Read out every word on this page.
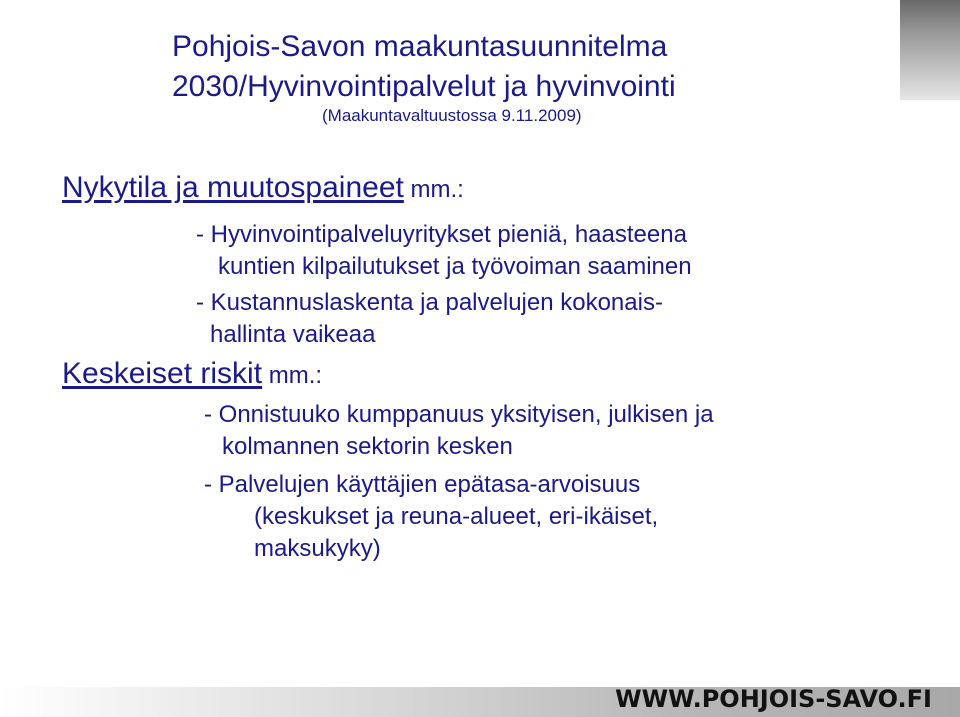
Pohjois-Savon maakuntasuunnitelma

2030/Hyvinvointipalvelut ja hyvinvointi

(Maakuntavaltuustossa 9.11.2009)
Nykytila ja muutospaineet mm.:

- Hyvinvointipalveluyritykset pieniä, haasteena

kuntien kilpailutukset ja työvoiman saaminen

- Kustannuslaskenta ja palvelujen kokonais-

hallinta vaikeaa

Keskeiset riskit mm.:

- Onnistuuko kumppanuus yksityisen, julkisen ja

kolmannen sektorin kesken

- Palvelujen käyttäjien epätasa-arvoisuus

(keskukset ja reuna-alueet, eri-ikäiset,

maksukyky)

WWW.POHJOIS-SAVO.FI
